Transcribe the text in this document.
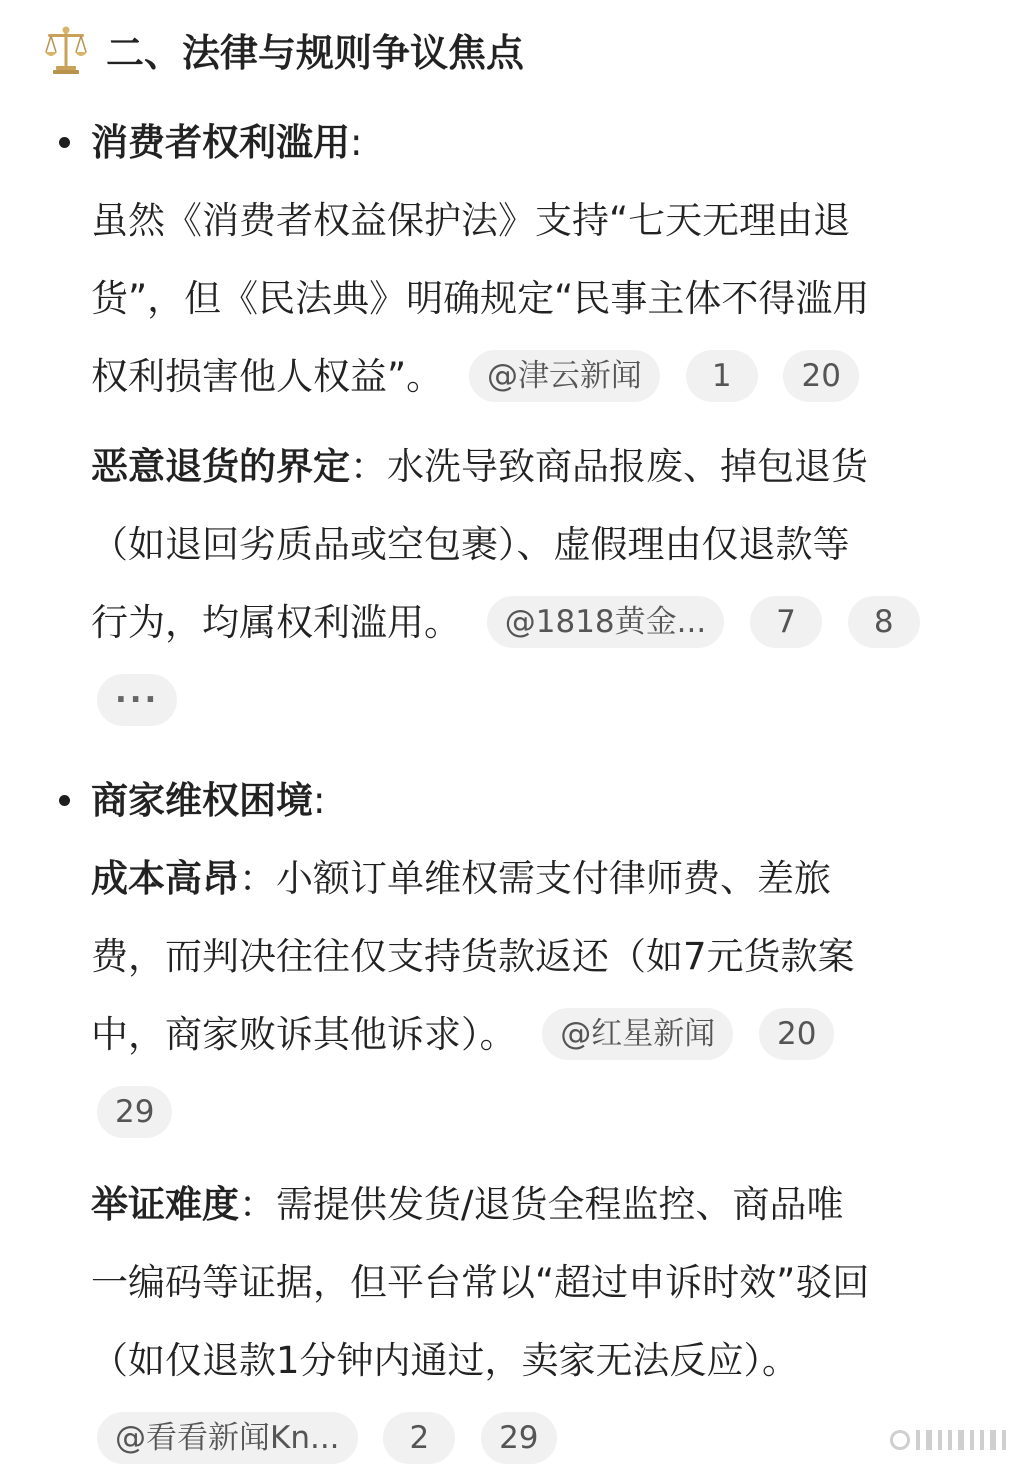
二、法律与规则争议焦点
消费者权利滥用:
虽然《消费者权益保护法》支持“七天无理由退
货”，但《民法典》明确规定“民事主体不得滥用
权利损害他人权益”。 @津云新闻 1 20
恶意退货的界定：水洗导致商品报废、掉包退货
（如退回劣质品或空包裹）、虚假理由仅退款等
行为，均属权利滥用。 @1818黄金... 7	8
···
商家维权困境:
成本高昂：小额订单维权需支付律师费、差旅
费，而判决往往仅支持货款返还（如7元货款案
中，商家败诉其他诉求）。 @红星新闻 20
29
举证难度：需提供发货/退货全程监控、商品唯
一编码等证据，但平台常以“超过申诉时效”驳回
（如仅退款1分钟内通过，卖家无法反应）。
@看看新闻Kn... 2 29
